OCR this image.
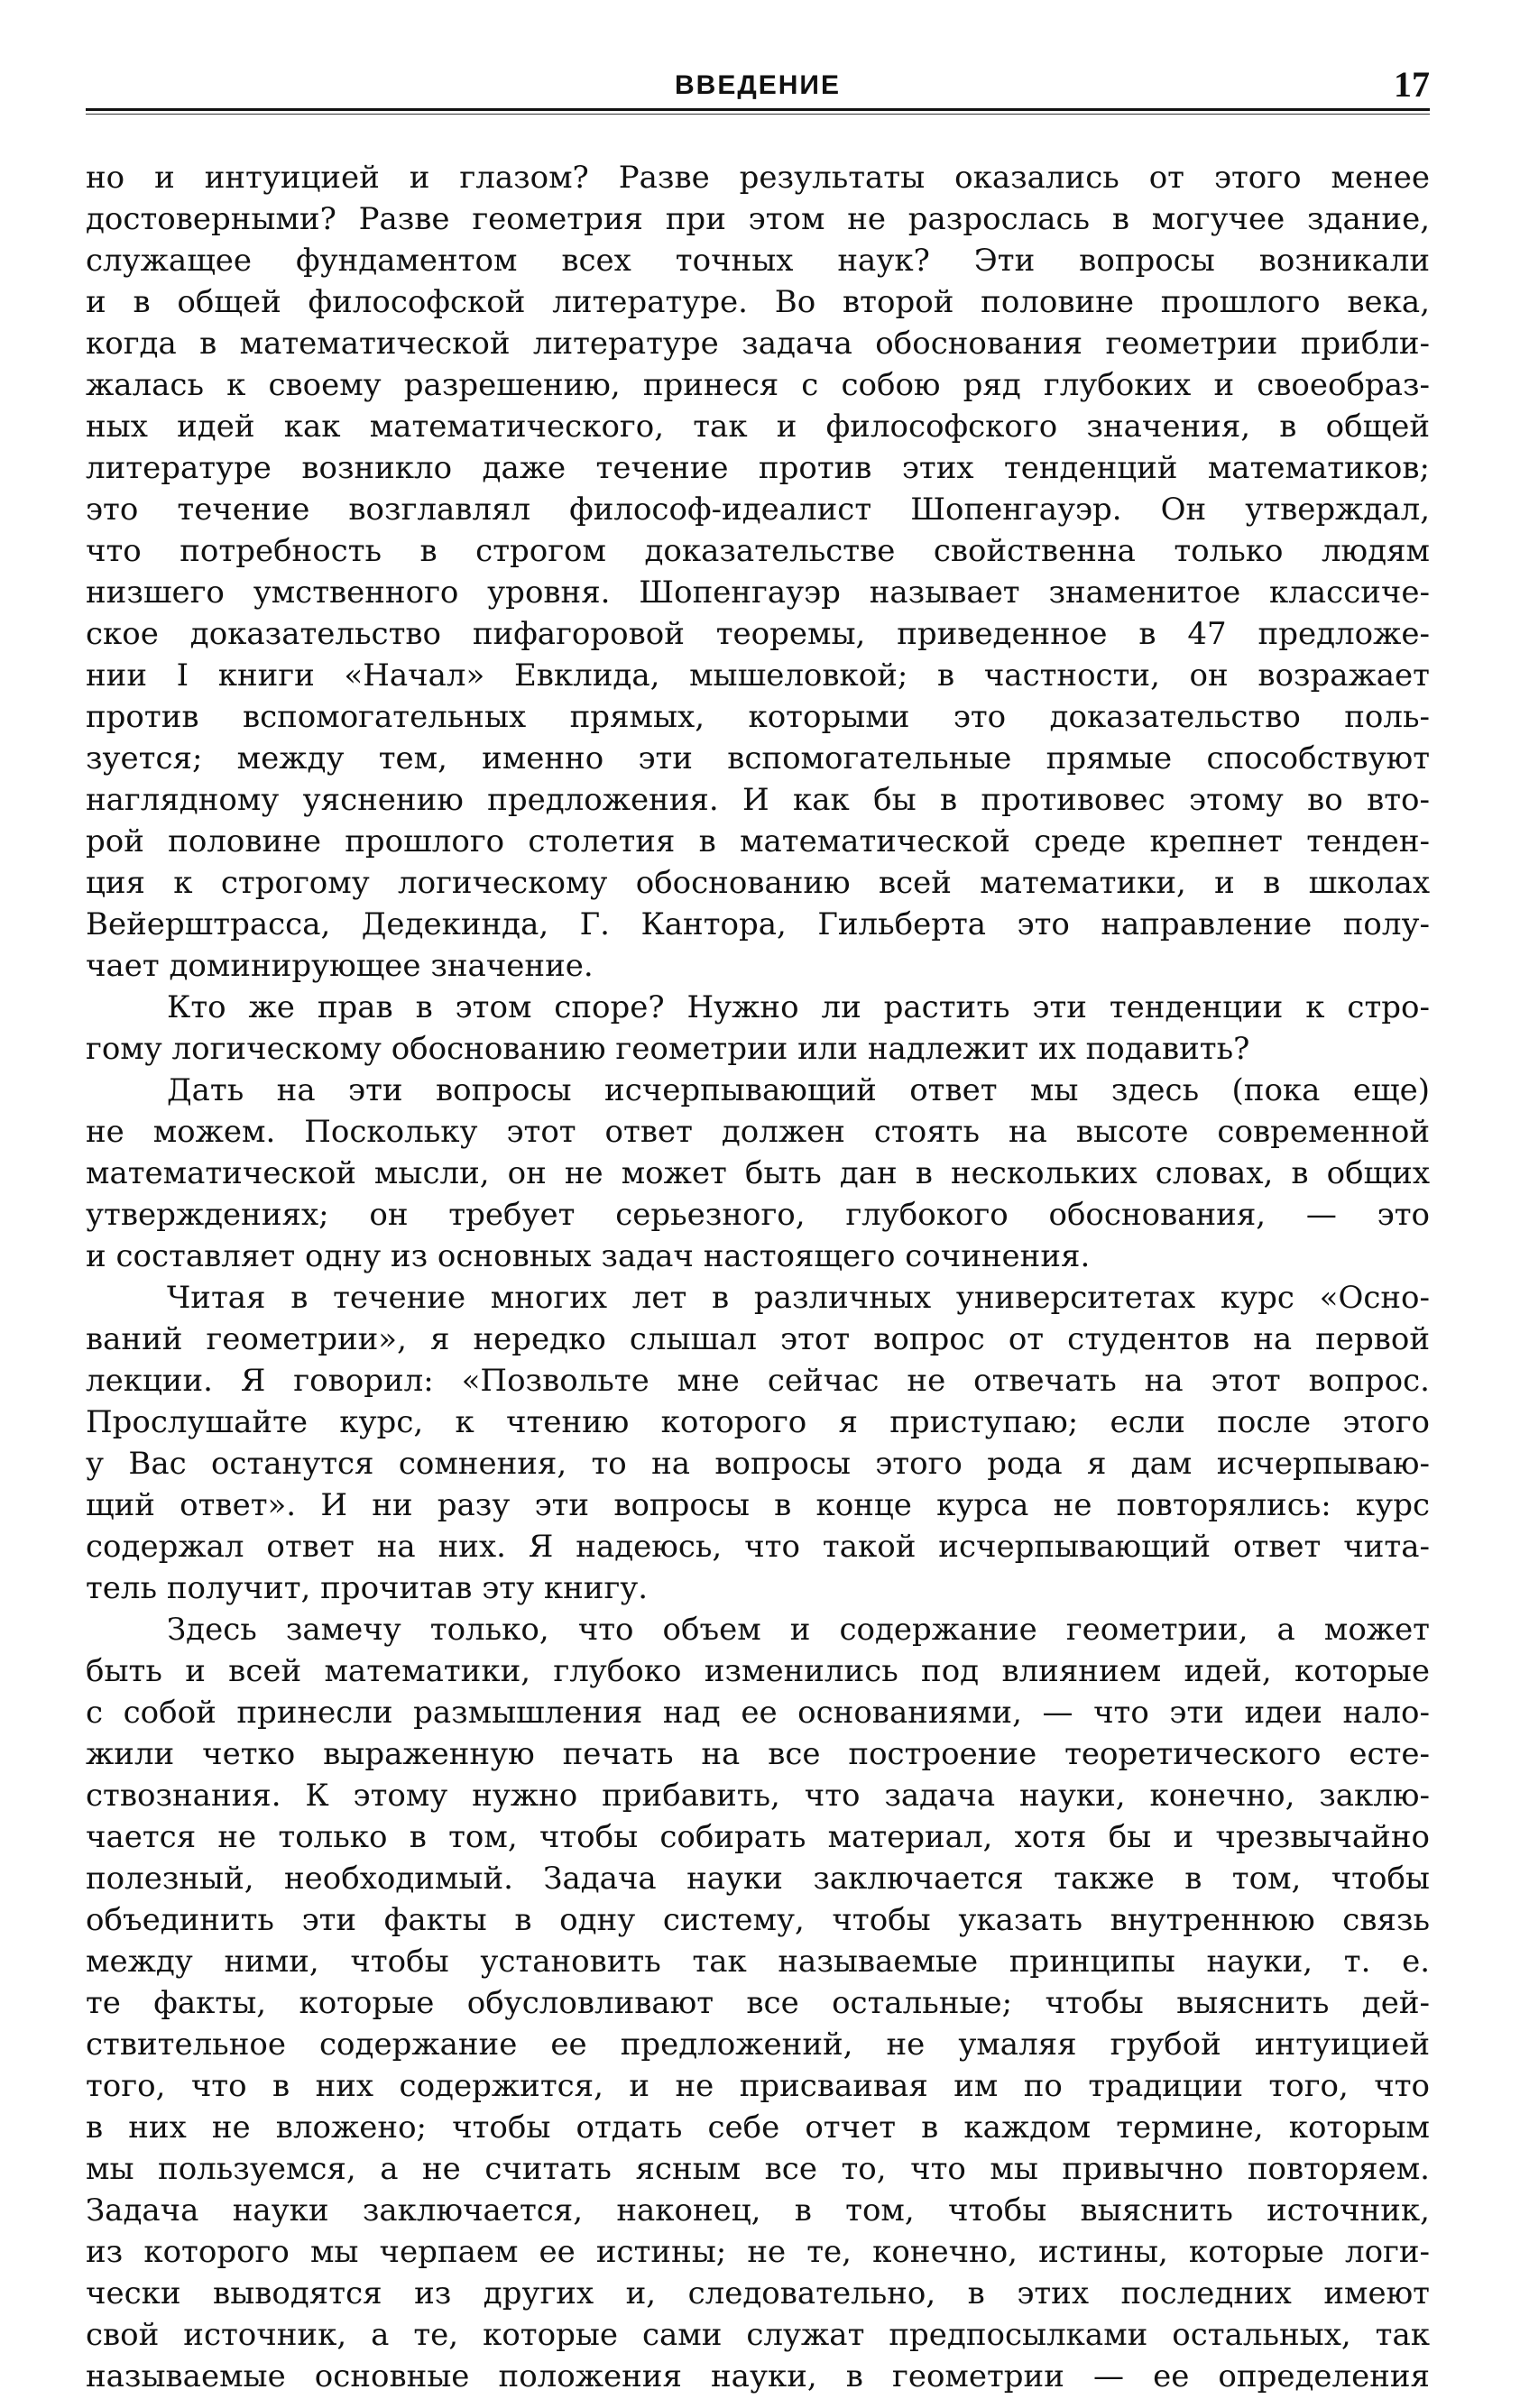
ВВЕДЕНИЕ	17
но и интуицией и глазом? Разве результаты оказались от этого менее
достоверными? Разве геометрия при этом не разрослась в могучее здание,
служащее фундаментом всех точных наук? Эти вопросы возникали
и в общей философской литературе. Во второй половине прошлого века,
когда в математической литературе задача обоснования геометрии прибли-
жалась к своему разрешению, принеся с собою ряд глубоких и своеобраз-
ных идей как математического, так и философского значения, в общей
литературе возникло даже течение против этих тенденций математиков;
это течение возглавлял философ-идеалист Шопенгауэр. Он утверждал,
что потребность в строгом доказательстве свойственна только людям
низшего умственного уровня. Шопенгауэр называет знаменитое классиче-
ское доказательство пифагоровой теоремы, приведенное в 47 предложе-
нии I книги «Начал» Евклида, мышеловкой; в частности, он возражает
против вспомогательных прямых, которыми это доказательство поль-
зуется; между тем, именно эти вспомогательные прямые способствуют
наглядному уяснению предложения. И как бы в противовес этому во вто-
рой половине прошлого столетия в математической среде крепнет тенден-
ция к строгому логическому обоснованию всей математики, и в школах
Вейерштрасса, Дедекинда, Г. Кантора, Гильберта это направление полу-
чает доминирующее значение.
Кто же прав в этом споре? Нужно ли растить эти тенденции к стро-
гому логическому обоснованию геометрии или надлежит их подавить?
Дать на эти вопросы исчерпывающий ответ мы здесь (пока еще)
не можем. Поскольку этот ответ должен стоять на высоте современной
математической мысли, он не может быть дан в нескольких словах, в общих
утверждениях; он требует серьезного, глубокого обоснования, — это
и составляет одну из основных задач настоящего сочинения.
Читая в течение многих лет в различных университетах курс «Осно-
ваний геометрии», я нередко слышал этот вопрос от студентов на первой
лекции. Я говорил: «Позвольте мне сейчас не отвечать на этот вопрос.
Прослушайте курс, к чтению которого я приступаю; если после этого
у Вас останутся сомнения, то на вопросы этого рода я дам исчерпываю-
щий ответ». И ни разу эти вопросы в конце курса не повторялись: курс
содержал ответ на них. Я надеюсь, что такой исчерпывающий ответ чита-
тель получит, прочитав эту книгу.
Здесь замечу только, что объем и содержание геометрии, а может
быть и всей математики, глубоко изменились под влиянием идей, которые
с собой принесли размышления над ее основаниями, — что эти идеи нало-
жили четко выраженную печать на все построение теоретического есте-
ствознания. К этому нужно прибавить, что задача науки, конечно, заклю-
чается не только в том, чтобы собирать материал, хотя бы и чрезвычайно
полезный, необходимый. Задача науки заключается также в том, чтобы
объединить эти факты в одну систему, чтобы указать внутреннюю связь
между ними, чтобы установить так называемые принципы науки, т. е.
те факты, которые обусловливают все остальные; чтобы выяснить дей-
ствительное содержание ее предложений, не умаляя грубой интуицией
того, что в них содержится, и не присваивая им по традиции того, что
в них не вложено; чтобы отдать себе отчет в каждом термине, которым
мы пользуемся, а не считать ясным все то, что мы привычно повторяем.
Задача науки заключается, наконец, в том, чтобы выяснить источник,
из которого мы черпаем ее истины; не те, конечно, истины, которые логи-
чески выводятся из других и, следовательно, в этих последних имеют
свой источник, а те, которые сами служат предпосылками остальных, так
называемые основные положения науки, в геометрии — ее определения
